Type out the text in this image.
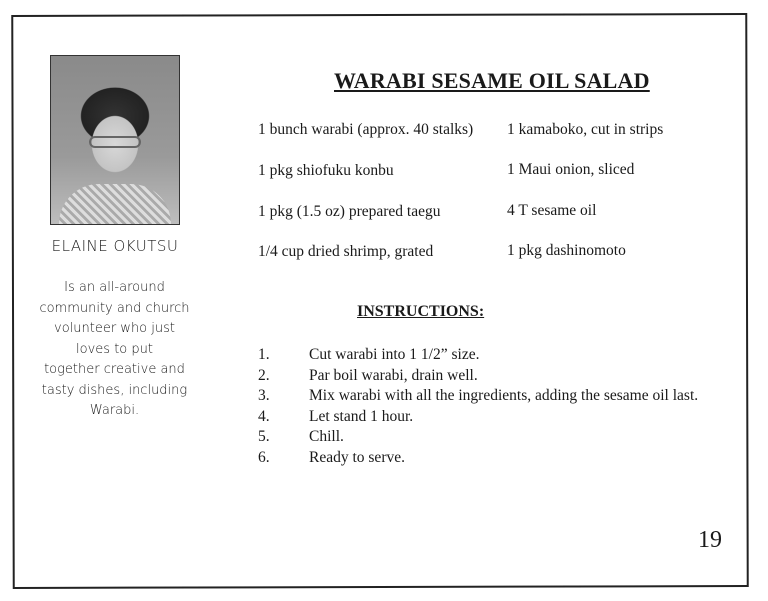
ELAINE OKUTSU
Is an all-around
community and church
volunteer who just
loves to put
together creative and
tasty dishes, including
Warabi.
WARABI SESAME OIL SALAD
1 bunch warabi (approx. 40 stalks)
1 pkg shiofuku konbu
1 pkg (1.5 oz) prepared taegu
1/4 cup dried shrimp, grated
1 kamaboko, cut in strips
1 Maui onion, sliced
4 T sesame oil
1 pkg dashinomoto
INSTRUCTIONS:
1.	Cut warabi into 1 1/2” size.
2.	Par boil warabi, drain well.
3.	Mix warabi with all the ingredients, adding the sesame oil last.
4.	Let stand 1 hour.
5.	Chill.
6.	Ready to serve.
19
